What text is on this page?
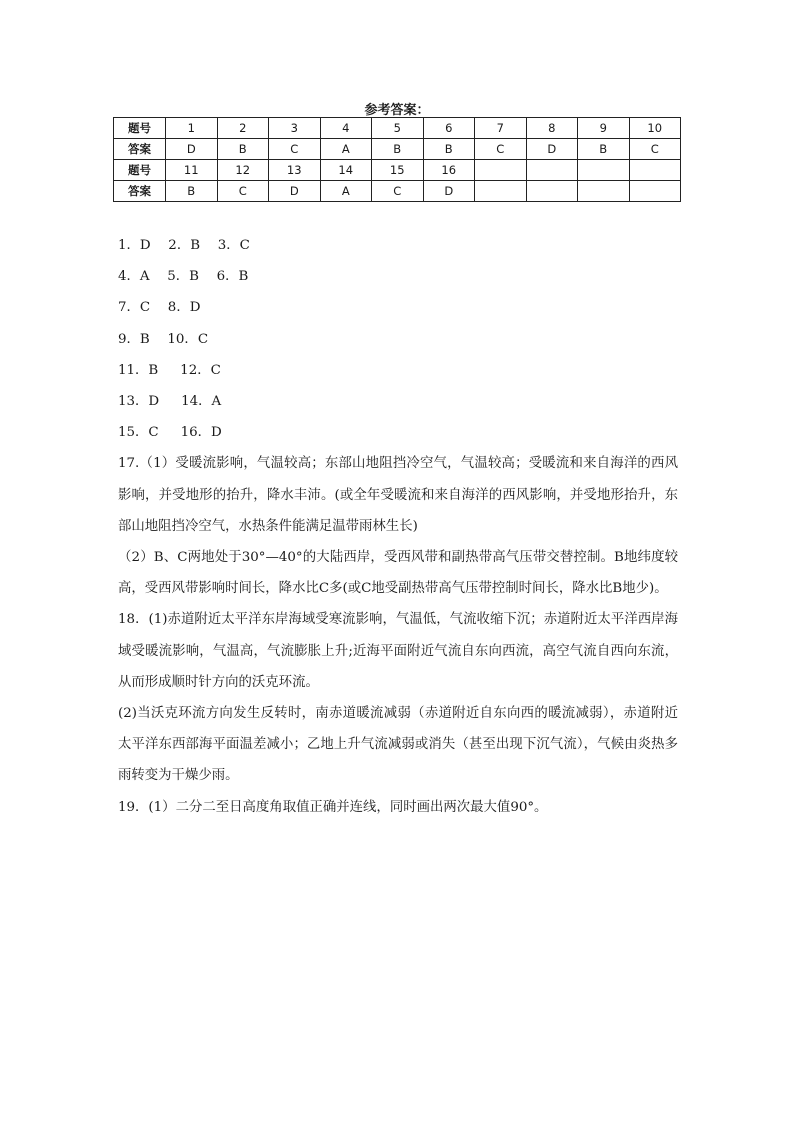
参考答案：
题号	1	2	3	4	5	6	7	8	9	10
答案	D	B	C	A	B	B	C	D	B	C
题号	11	12	13	14	15	16				
答案	B	C	D	A	C	D				

1．D　 2．B　 3．C

4．A　 5．B　 6．B

7．C　 8．D

9．B　 10．C

11．B　  12．C

13．D　  14．A

15．C　  16．D

17.（1）受暖流影响，气温较高；东部山地阻挡冷空气，气温较高；受暖流和来自海洋的西风影响，并受地形的抬升，降水丰沛。(或全年受暖流和来自海洋的西风影响，并受地形抬升，东部山地阻挡冷空气，水热条件能满足温带雨林生长)

（2）B、C两地处于30°—40°的大陆西岸，受西风带和副热带高气压带交替控制。B地纬度较高，受西风带影响时间长，降水比C多(或C地受副热带高气压带控制时间长，降水比B地少)。

18．(1)赤道附近太平洋东岸海域受寒流影响，气温低，气流收缩下沉；赤道附近太平洋西岸海域受暖流影响，气温高，气流膨胀上升;近海平面附近气流自东向西流，高空气流自西向东流，从而形成顺时针方向的沃克环流。

(2)当沃克环流方向发生反转时，南赤道暖流减弱（赤道附近自东向西的暖流减弱），赤道附近太平洋东西部海平面温差减小；乙地上升气流减弱或消失（甚至出现下沉气流），气候由炎热多雨转变为干燥少雨。

19．(1）二分二至日高度角取值正确并连线，同时画出两次最大值90°。
